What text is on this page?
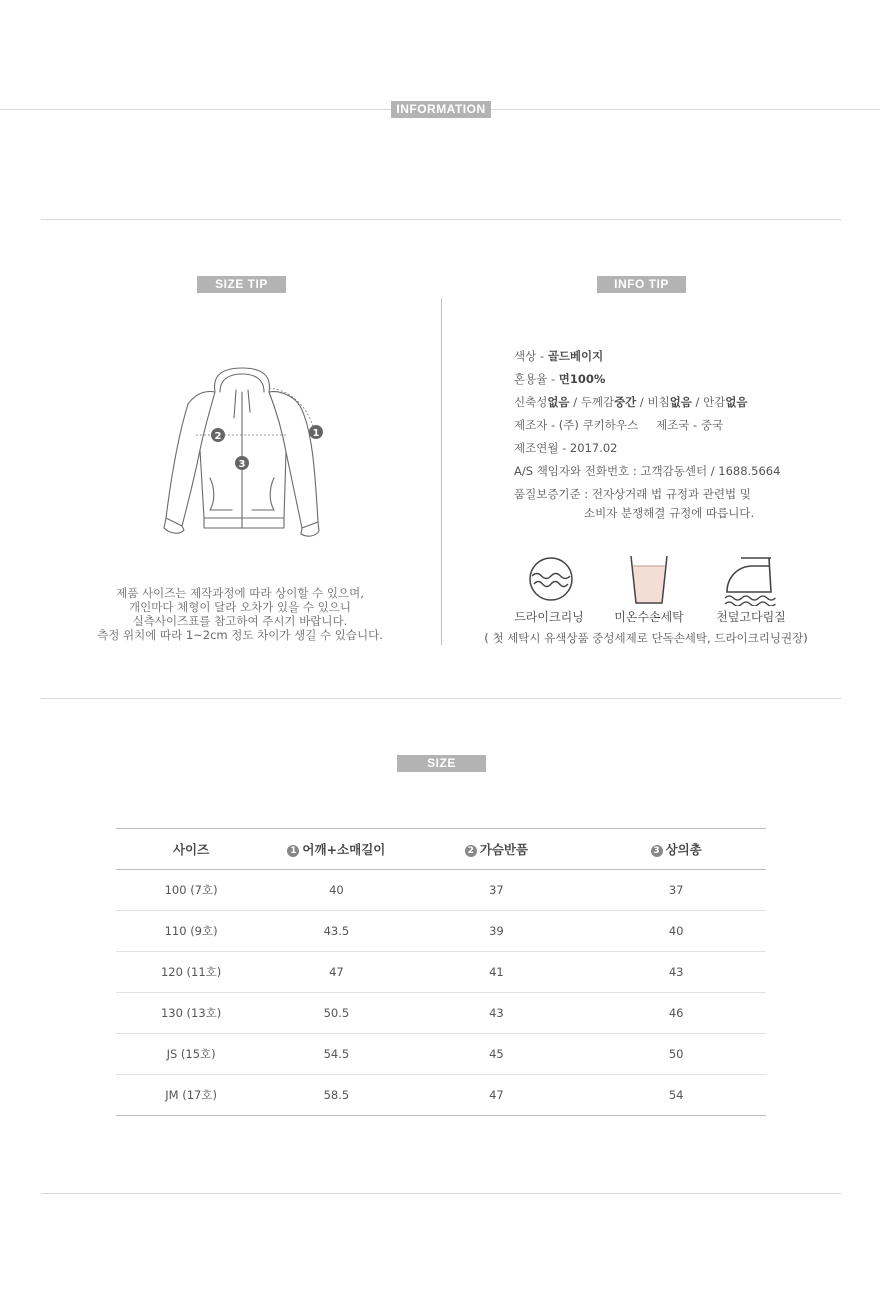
INFORMATION
SIZE TIP
1
2
3
제품 사이즈는 제작과정에 따라 상이할 수 있으며,
개인마다 체형이 달라 오차가 있을 수 있으니
실측사이즈표를 참고하여 주시기 바랍니다.
측정 위치에 따라 1~2cm 정도 차이가 생길 수 있습니다.
INFO TIP
색상 - 골드베이지
혼용율 - 면100%
신축성없음 / 두께감중간 / 비침없음 / 안감없음
제조자 - (주) 쿠키하우스 제조국 - 중국
제조연월 - 2017.02
A/S 책임자와 전화번호 : 고객감동센터 / 1688.5664
품질보증기준 : 전자상거래 법 규정과 관련법 및
소비자 분쟁해결 규정에 따릅니다.
드라이크리닝	미온수손세탁	천덮고다림질
( 첫 세탁시 유색상품 중성세제로 단독손세탁, 드라이크리닝권장)
SIZE
사이즈	1 어깨+소매길이	2 가슴반품	3 상의총
100 (7호)	40	37	37
110 (9호)	43.5	39	40
120 (11호)	47	41	43
130 (13호)	50.5	43	46
JS (15호)	54.5	45	50
JM (17호)	58.5	47	54
